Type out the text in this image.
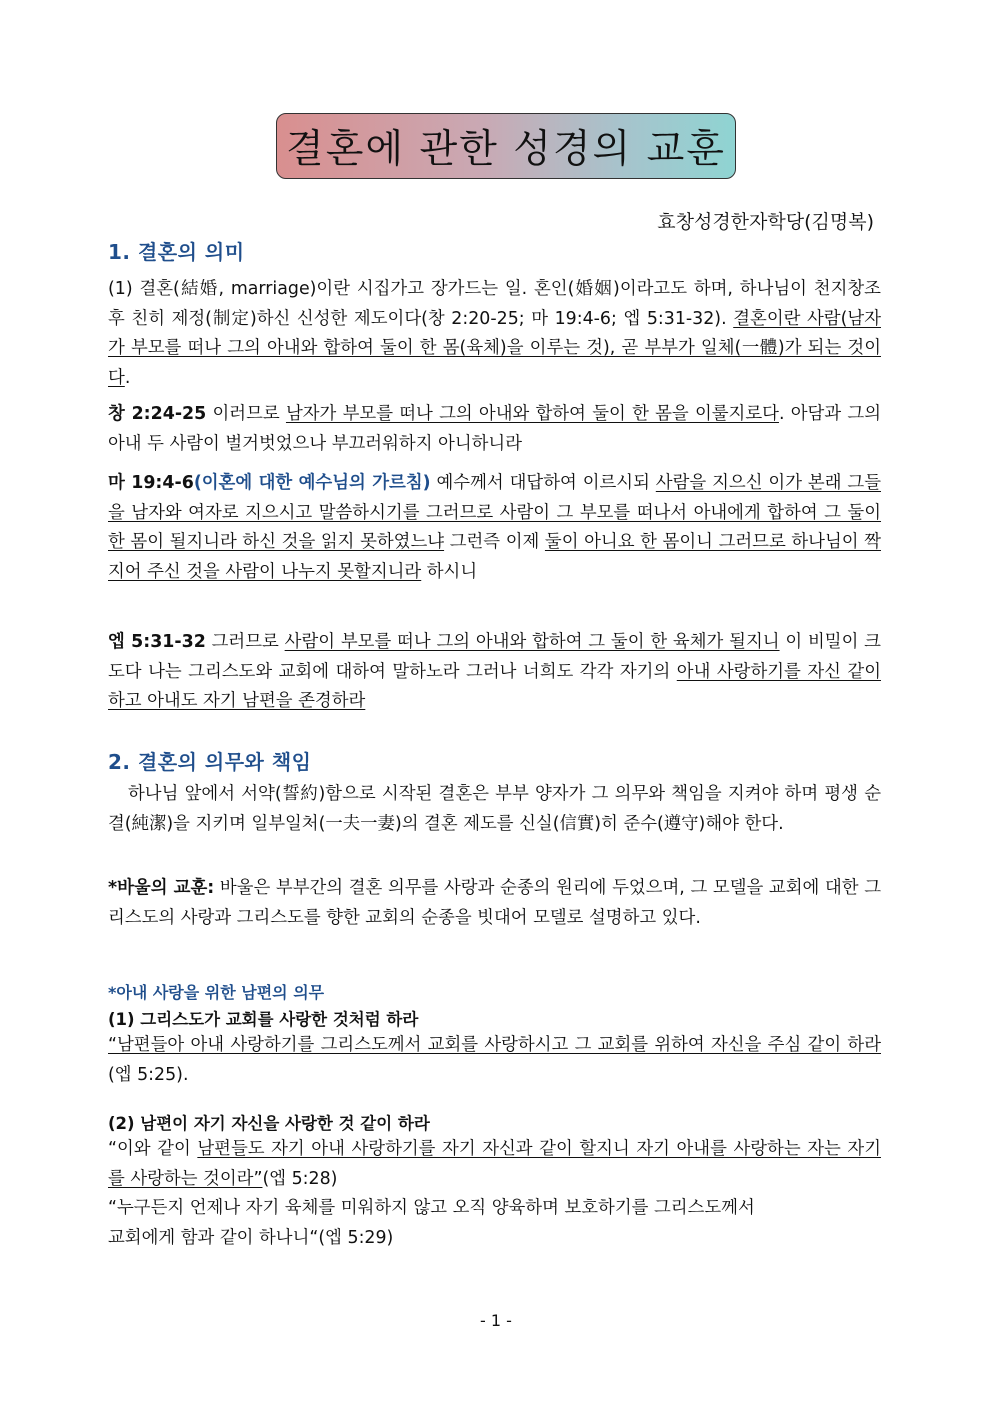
결혼에 관한 성경의 교훈
효창성경한자학당(김명복)
1. 결혼의 의미

(1) 결혼(結婚, marriage)이란 시집가고 장가드는 일. 혼인(婚姻)이라고도 하며, 하나님이 천지창조 후 친히 제정(制定)하신 신성한 제도이다(창 2:20-25; 마 19:4-6; 엡 5:31-32). 결혼이란 사람(남자가 부모를 떠나 그의 아내와 합하여 둘이 한 몸(육체)을 이루는 것), 곧 부부가 일체(一體)가 되는 것이다.

창 2:24-25 이러므로 남자가 부모를 떠나 그의 아내와 합하여 둘이 한 몸을 이룰지로다. 아담과 그의 아내 두 사람이 벌거벗었으나 부끄러워하지 아니하니라

마 19:4-6(이혼에 대한 예수님의 가르침) 예수께서 대답하여 이르시되 사람을 지으신 이가 본래 그들을 남자와 여자로 지으시고 말씀하시기를 그러므로 사람이 그 부모를 떠나서 아내에게 합하여 그 둘이 한 몸이 될지니라 하신 것을 읽지 못하였느냐 그런즉 이제 둘이 아니요 한 몸이니 그러므로 하나님이 짝지어 주신 것을 사람이 나누지 못할지니라 하시니

엡 5:31-32 그러므로 사람이 부모를 떠나 그의 아내와 합하여 그 둘이 한 육체가 될지니 이 비밀이 크도다 나는 그리스도와 교회에 대하여 말하노라 그러나 너희도 각각 자기의 아내 사랑하기를 자신 같이 하고 아내도 자기 남편을 존경하라

2. 결혼의 의무와 책임

하나님 앞에서 서약(誓約)함으로 시작된 결혼은 부부 양자가 그 의무와 책임을 지켜야 하며 평생 순결(純潔)을 지키며 일부일처(一夫一妻)의 결혼 제도를 신실(信實)히 준수(遵守)해야 한다.

*바울의 교훈: 바울은 부부간의 결혼 의무를 사랑과 순종의 원리에 두었으며, 그 모델을 교회에 대한 그리스도의 사랑과 그리스도를 향한 교회의 순종을 빗대어 모델로 설명하고 있다.

*아내 사랑을 위한 남편의 의무
(1) 그리스도가 교회를 사랑한 것처럼 하라

“남편들아 아내 사랑하기를 그리스도께서 교회를 사랑하시고 그 교회를 위하여 자신을 주심 같이 하라(엡 5:25).

(2) 남편이 자기 자신을 사랑한 것 같이 하라

“이와 같이 남편들도 자기 아내 사랑하기를 자기 자신과 같이 할지니 자기 아내를 사랑하는 자는 자기를 사랑하는 것이라”(엡 5:28)

“누구든지 언제나 자기 육체를 미워하지 않고 오직 양육하며 보호하기를 그리스도께서
교회에게 함과 같이 하나니“(엡 5:29)

- 1 -
